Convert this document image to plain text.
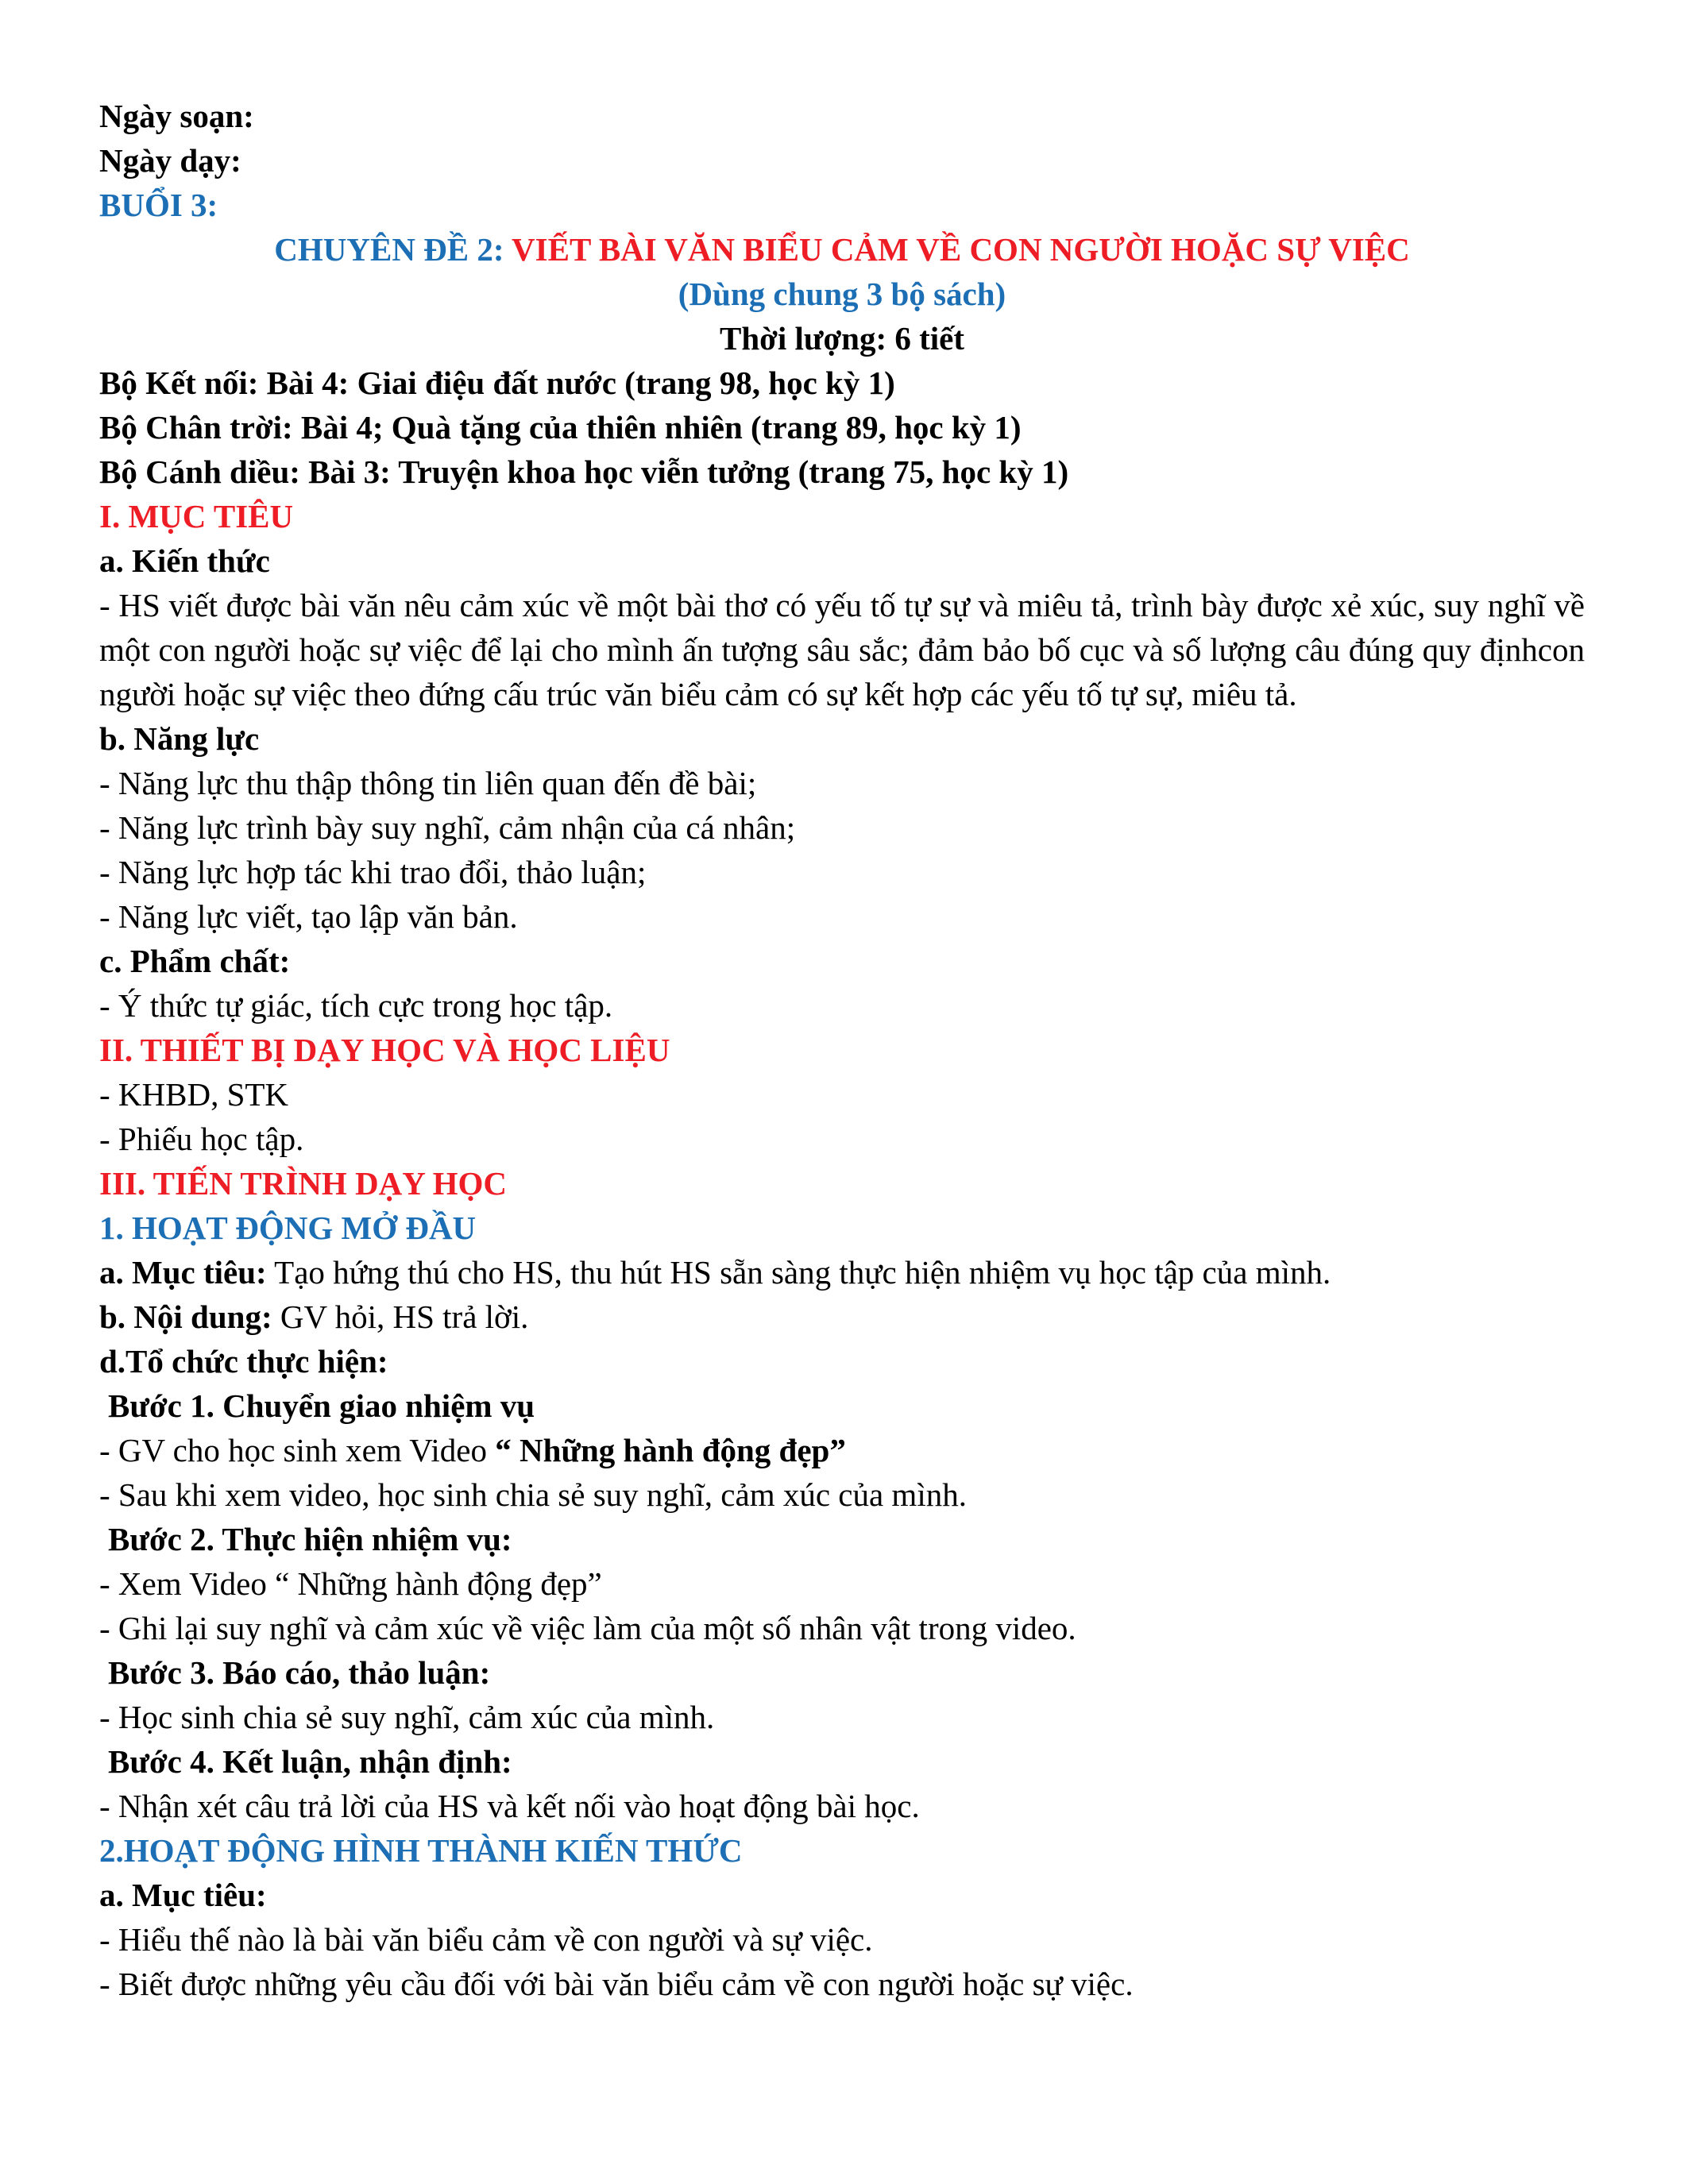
Ngày soạn:

Ngày dạy:

BUỔI 3:

CHUYÊN ĐỀ 2: VIẾT BÀI VĂN BIỂU CẢM VỀ CON NGƯỜI HOẶC SỰ VIỆC

(Dùng chung 3 bộ sách)

Thời lượng: 6 tiết

Bộ Kết nối: Bài 4: Giai điệu đất nước (trang 98, học kỳ 1)

Bộ Chân trời: Bài 4; Quà tặng của thiên nhiên (trang 89, học kỳ 1)

Bộ Cánh diều: Bài 3: Truyện khoa học viễn tưởng (trang 75, học kỳ 1)

I. MỤC TIÊU

a. Kiến thức

- HS viết được bài văn nêu cảm xúc về một bài thơ có yếu tố tự sự và miêu tả, trình bày được xẻ xúc, suy nghĩ về một con người hoặc sự việc để lại cho mình ấn tượng sâu sắc; đảm bảo bố cục và số lượng câu đúng quy địnhcon người hoặc sự việc theo đứng cấu trúc văn biểu cảm có sự kết hợp các yếu tố tự sự, miêu tả.

b. Năng lực

- Năng lực thu thập thông tin liên quan đến đề bài;

- Năng lực trình bày suy nghĩ, cảm nhận của cá nhân;

- Năng lực hợp tác khi trao đổi, thảo luận;

- Năng lực viết, tạo lập văn bản.

c. Phẩm chất:

- Ý thức tự giác, tích cực trong học tập.

II. THIẾT BỊ DẠY HỌC VÀ HỌC LIỆU

- KHBD, STK

- Phiếu học tập.

III. TIẾN TRÌNH DẠY HỌC

1. HOẠT ĐỘNG MỞ ĐẦU

a. Mục tiêu: Tạo hứng thú cho HS, thu hút HS sẵn sàng thực hiện nhiệm vụ học tập của mình.

b. Nội dung: GV hỏi, HS trả lời.

d.Tổ chức thực hiện:

Bước 1. Chuyển giao nhiệm vụ

- GV cho học sinh xem Video “ Những hành động đẹp”

- Sau khi xem video, học sinh chia sẻ suy nghĩ, cảm xúc của mình.

Bước 2. Thực hiện nhiệm vụ:

- Xem Video “ Những hành động đẹp”

- Ghi lại suy nghĩ và cảm xúc về việc làm của một số nhân vật trong video.

Bước 3. Báo cáo, thảo luận:

- Học sinh chia sẻ suy nghĩ, cảm xúc của mình.

Bước 4. Kết luận, nhận định:

- Nhận xét câu trả lời của HS và kết nối vào hoạt động bài học.

2.HOẠT ĐỘNG HÌNH THÀNH KIẾN THỨC

a. Mục tiêu:

- Hiểu thế nào là bài văn biểu cảm về con người và sự việc.

- Biết được những yêu cầu đối với bài văn biểu cảm về con người hoặc sự việc.
